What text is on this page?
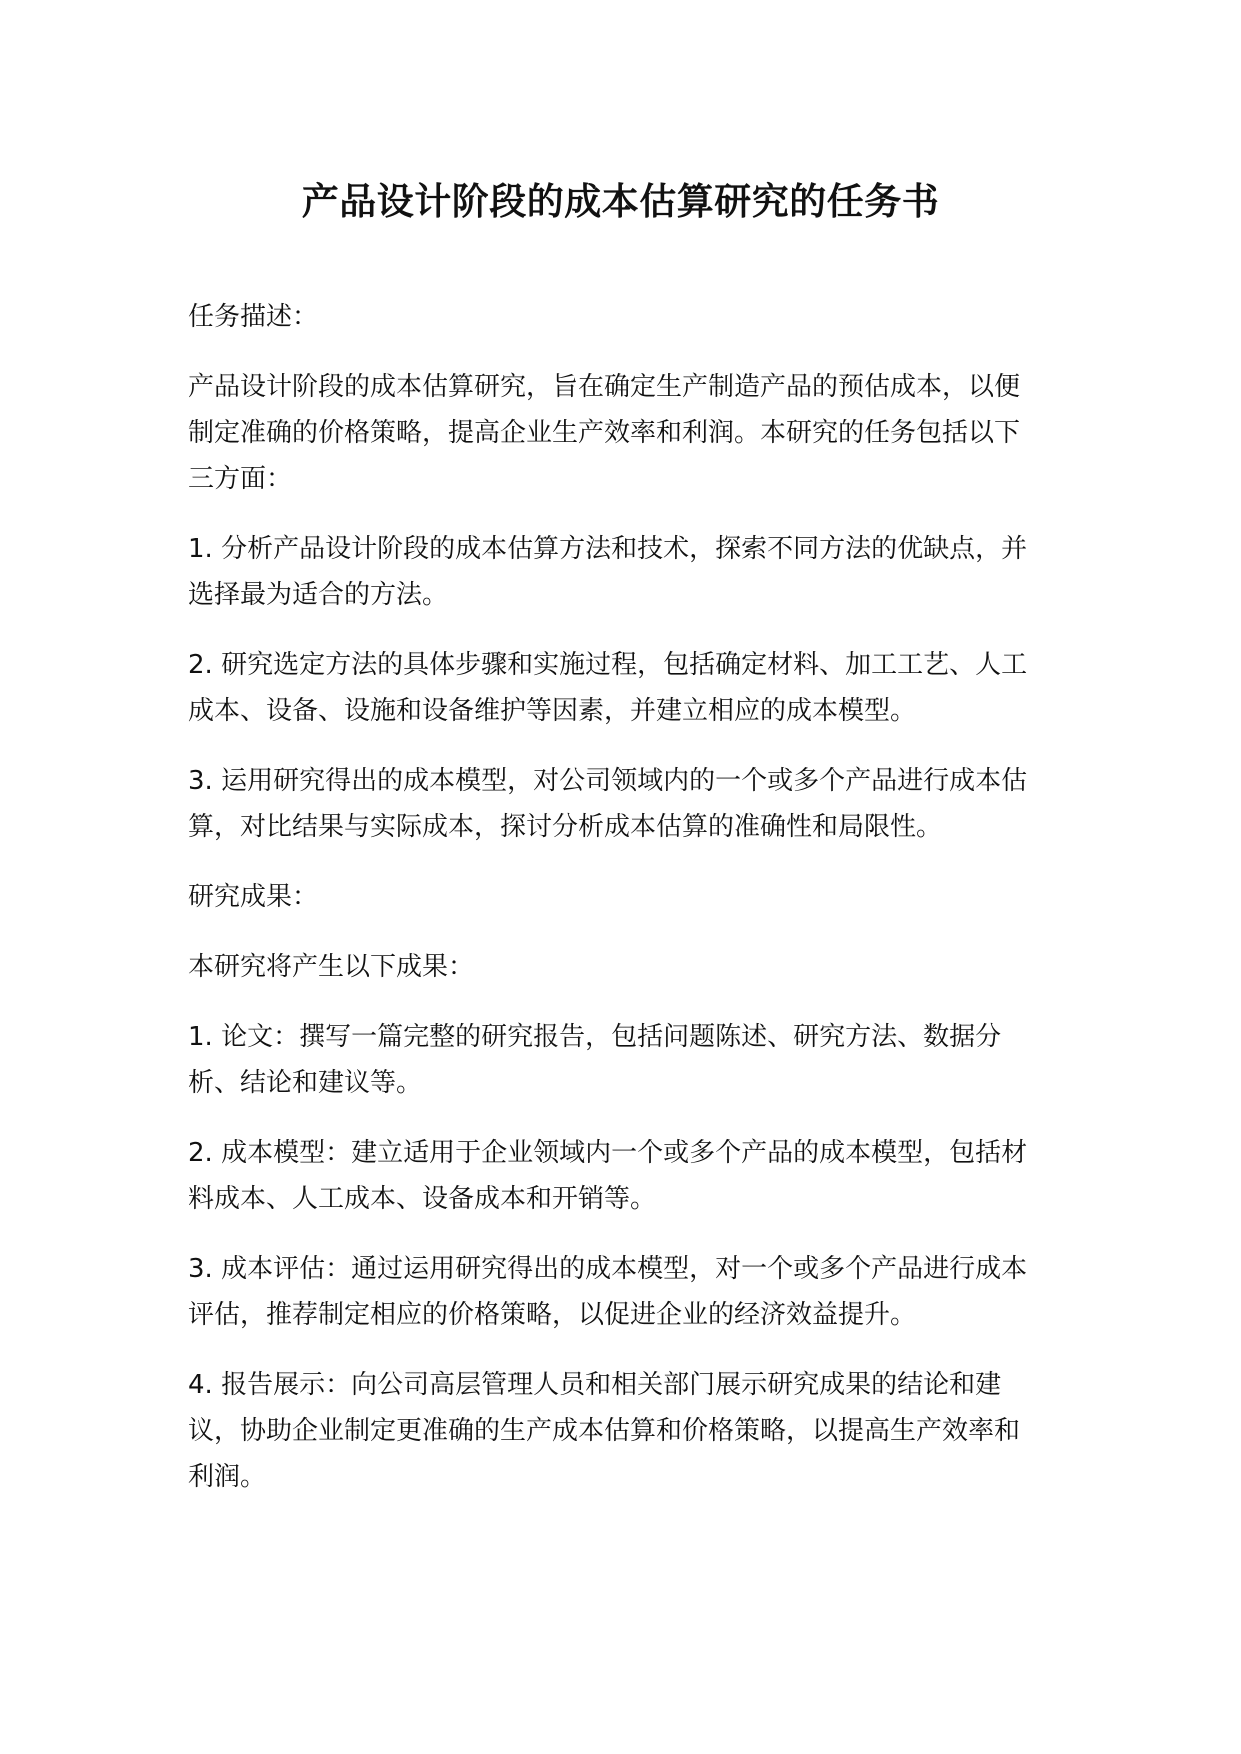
产品设计阶段的成本估算研究的任务书

任务描述：

产品设计阶段的成本估算研究，旨在确定生产制造产品的预估成本，以便制定准确的价格策略，提高企业生产效率和利润。本研究的任务包括以下三方面：

1. 分析产品设计阶段的成本估算方法和技术，探索不同方法的优缺点，并选择最为适合的方法。

2. 研究选定方法的具体步骤和实施过程，包括确定材料、加工工艺、人工成本、设备、设施和设备维护等因素，并建立相应的成本模型。

3. 运用研究得出的成本模型，对公司领域内的一个或多个产品进行成本估算，对比结果与实际成本，探讨分析成本估算的准确性和局限性。

研究成果：

本研究将产生以下成果：

1. 论文：撰写一篇完整的研究报告，包括问题陈述、研究方法、数据分析、结论和建议等。

2. 成本模型：建立适用于企业领域内一个或多个产品的成本模型，包括材料成本、人工成本、设备成本和开销等。

3. 成本评估：通过运用研究得出的成本模型，对一个或多个产品进行成本评估，推荐制定相应的价格策略，以促进企业的经济效益提升。

4. 报告展示：向公司高层管理人员和相关部门展示研究成果的结论和建议，协助企业制定更准确的生产成本估算和价格策略，以提高生产效率和利润。
